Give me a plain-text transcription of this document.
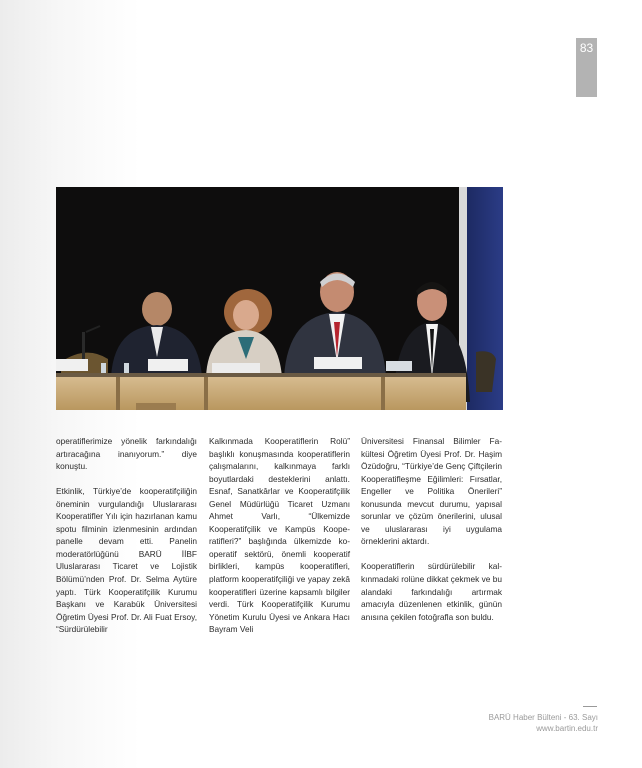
83

operatiflerimize yönelik farkındalığı artıracağına inanıyorum.” diye konuştu.

Etkinlik, Türkiye’de kooperatifçiliğin öneminin vurgulandığı Uluslararası Kooperatifler Yılı için hazırlanan kamu spotu filminin izlenmesinin ardından panelle devam etti. Panelin moderatörlüğünü BARÜ İİBF Uluslararası Ticaret ve Lojistik Bölümü’nden Prof. Dr. Selma Aytüre yaptı. Türk Kooperatifçilik Kurumu Başkanı ve Karabük Üniversitesi Öğretim Üyesi Prof. Dr. Ali Fuat Ersoy, “Sürdürülebilir

Kalkınmada Kooperatiflerin Rolü” başlıklı konuşmasında kooperatiflerin çalışmalarını, kalkınmaya farklı boyutlardaki desteklerini anlattı. Esnaf, Sanatkârlar ve Kooperatifçilik Genel Müdürlüğü Ticaret Uzmanı Ahmet Varlı, “Ülkemizde Kooperatifçilik ve Kampüs Kooperatifleri?” başlığında ülkemizde kooperatif sektörü, önemli kooperatif birlikleri, kampüs kooperatifleri, platform kooperatifçiliği ve yapay zekâ kooperatifleri üzerine kapsamlı bilgiler verdi. Türk Kooperatifçilik Kurumu Yönetim Kurulu Üyesi ve Ankara Hacı Bayram Veli

Üniversitesi Finansal Bilimler Fakültesi Öğretim Üyesi Prof. Dr. Haşim Özüdoğru, “Türkiye’de Genç Çiftçilerin Kooperatifleşme Eğilimleri: Fırsatlar, Engeller ve Politika Önerileri” konusunda mevcut durumu, yapısal sorunlar ve çözüm önerilerini, ulusal ve uluslararası iyi uygulama örneklerini aktardı.

Kooperatiflerin sürdürülebilir kalkınmadaki rolüne dikkat çekmek ve bu alandaki farkındalığı artırmak amacıyla düzenlenen etkinlik, günün anısına çekilen fotoğrafla son buldu.

BARÜ Haber Bülteni - 63. Sayı
www.bartin.edu.tr
